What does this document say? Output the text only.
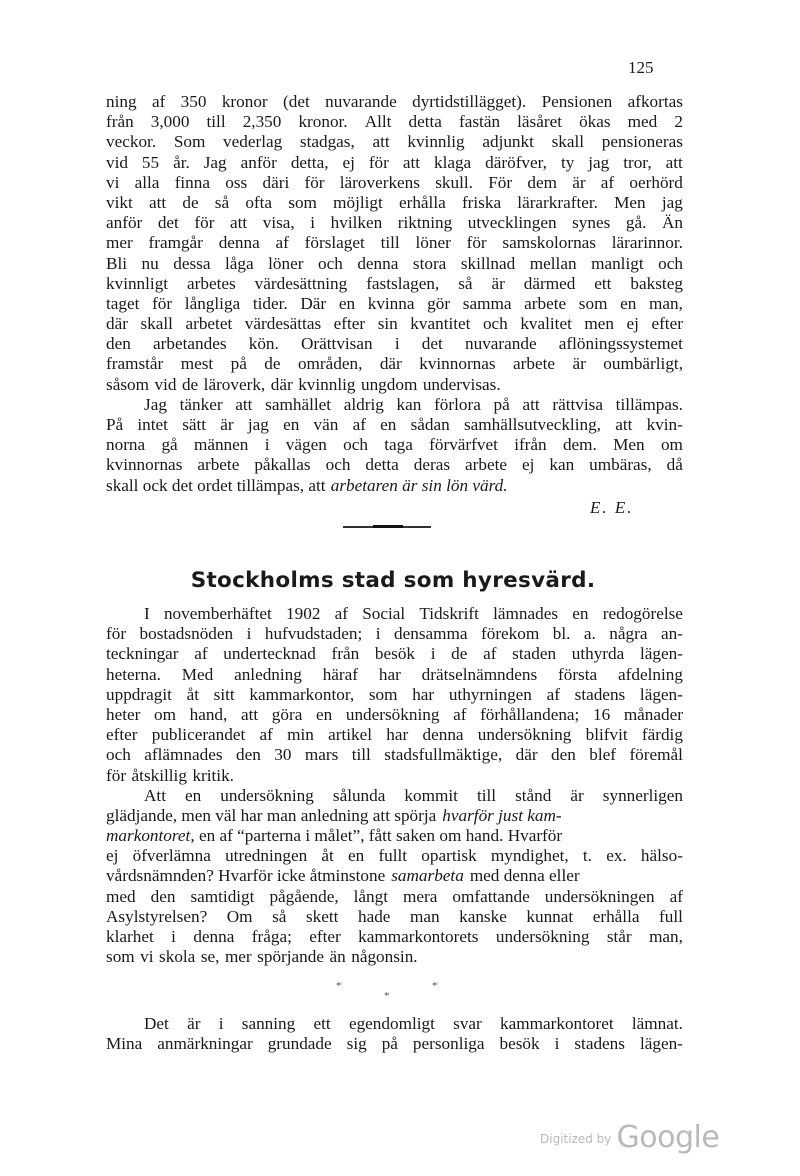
125
ning af 350 kronor (det nuvarande dyrtidstillägget). Pensionen afkortas
från 3,000 till 2,350 kronor. Allt detta fastän läsåret ökas med 2
veckor. Som vederlag stadgas, att kvinnlig adjunkt skall pensioneras
vid 55 år. Jag anför detta, ej för att klaga däröfver, ty jag tror, att
vi alla finna oss däri för läroverkens skull. För dem är af oerhörd
vikt att de så ofta som möjligt erhålla friska lärarkrafter. Men jag
anför det för att visa, i hvilken riktning utvecklingen synes gå. Än
mer framgår denna af förslaget till löner för samskolornas lärarinnor.
Bli nu dessa låga löner och denna stora skillnad mellan manligt och
kvinnligt arbetes värdesättning fastslagen, så är därmed ett baksteg
taget för långliga tider. Där en kvinna gör samma arbete som en man,
där skall arbetet värdesättas efter sin kvantitet och kvalitet men ej efter
den arbetandes kön. Orättvisan i det nuvarande aflöningssystemet
framstår mest på de områden, där kvinnornas arbete är oumbärligt,
såsom vid de läroverk, där kvinnlig ungdom undervisas.
Jag tänker att samhället aldrig kan förlora på att rättvisa tillämpas.
På intet sätt är jag en vän af en sådan samhällsutveckling, att kvin-
norna gå männen i vägen och taga förvärfvet ifrån dem. Men om
kvinnornas arbete påkallas och detta deras arbete ej kan umbäras, då
skall ock det ordet tillämpas, att arbetaren är sin lön värd.
E. E.
Stockholms stad som hyresvärd.
I novemberhäftet 1902 af Social Tidskrift lämnades en redogörelse
för bostadsnöden i hufvudstaden; i densamma förekom bl. a. några an-
teckningar af undertecknad från besök i de af staden uthyrda lägen-
heterna. Med anledning häraf har drätselnämndens första afdelning
uppdragit åt sitt kammarkontor, som har uthyrningen af stadens lägen-
heter om hand, att göra en undersökning af förhållandena; 16 månader
efter publicerandet af min artikel har denna undersökning blifvit färdig
och aflämnades den 30 mars till stadsfullmäktige, där den blef föremål
för åtskillig kritik.
Att en undersökning sålunda kommit till stånd är synnerligen
glädjande, men väl har man anledning att spörja hvarför just kam-
markontoret , en af “parterna i målet”, fått saken om hand. Hvarför
ej öfverlämna utredningen åt en fullt opartisk myndighet, t. ex. hälso-
vårdsnämnden? Hvarför icke åtminstone samarbeta med denna eller
med den samtidigt pågående, långt mera omfattande undersökningen af
Asylstyrelsen? Om så skett hade man kanske kunnat erhålla full
klarhet i denna fråga; efter kammarkontorets undersökning står man,
som vi skola se, mer spörjande än någonsin.
*
*
*
Det är i sanning ett egendomligt svar kammarkontoret lämnat.
Mina anmärkningar grundade sig på personliga besök i stadens lägen-
$^{Digitized by}$ Google
